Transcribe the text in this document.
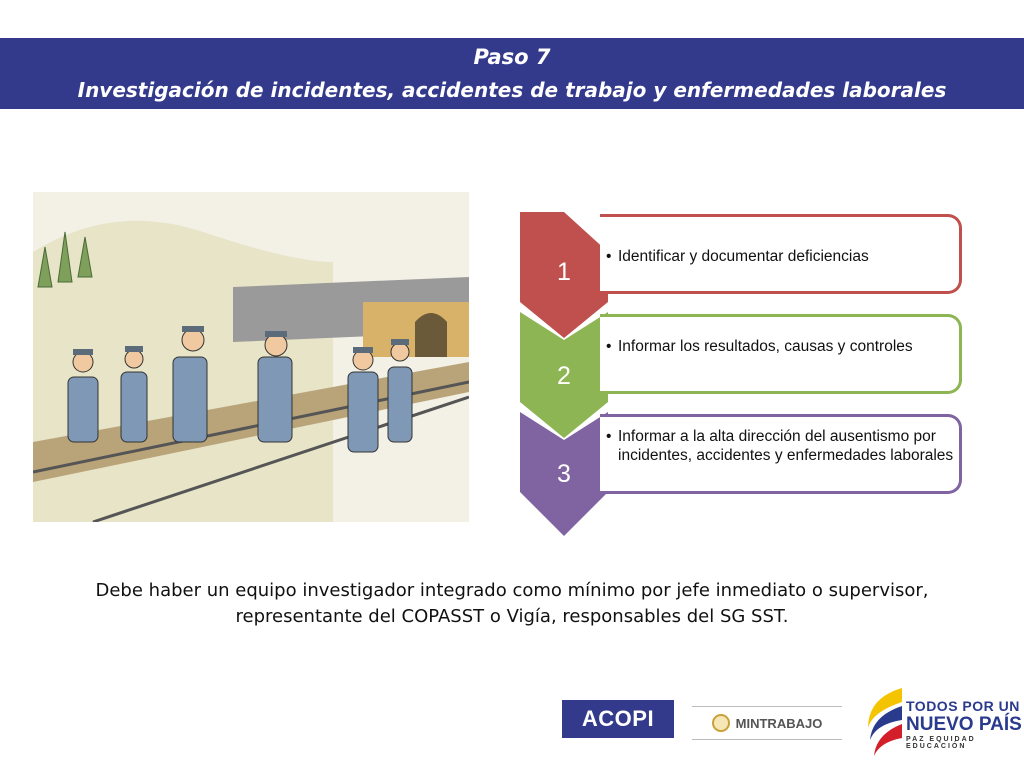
Paso 7
Investigación de incidentes, accidentes de trabajo y enfermedades laborales
1
• Identificar y documentar deficiencias
2
• Informar los resultados, causas y controles
3
• Informar a la alta dirección del ausentismo por incidentes, accidentes y enfermedades laborales
Debe haber un equipo investigador integrado como mínimo por jefe inmediato o supervisor, representante del COPASST o Vigía, responsables del SG SST.
ACOPI	MINTRABAJO
TODOS POR UN
NUEVO PAÍS
PAZ EQUIDAD EDUCACIÓN
